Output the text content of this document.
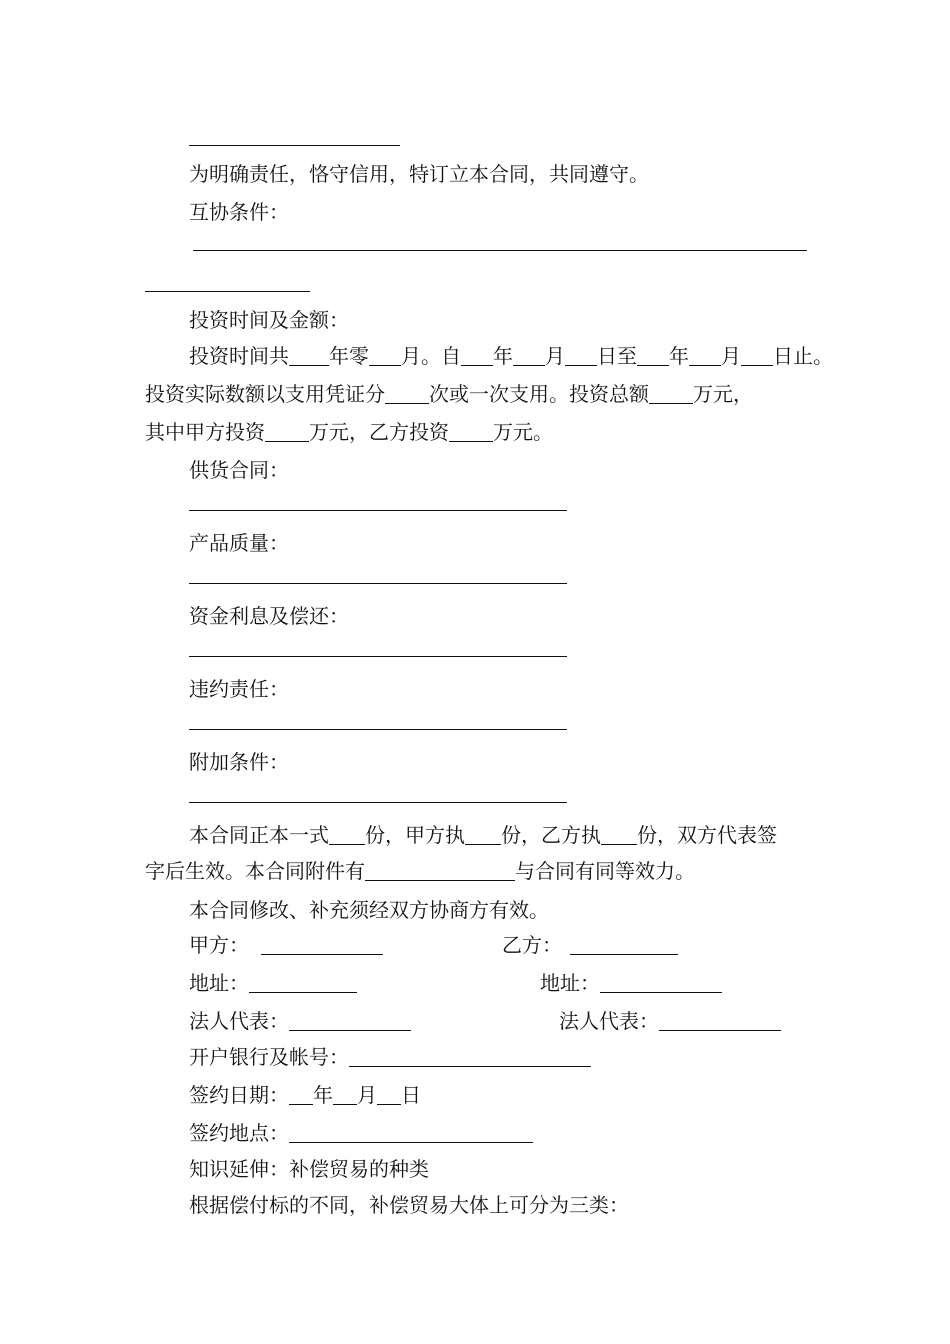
为明确责任，恪守信用，特订立本合同，共同遵守。
互协条件：
投资时间及金额：
投资时间共 年零 月。自 年 月 日至 年 月 日止。
投资实际数额以支用凭证分 次或一次支用。投资总额 万元，
其中甲方投资 万元，乙方投资 万元。
供货合同：
产品质量：
资金利息及偿还：
违约责任：
附加条件：
本合同正本一式 份，甲方执 份，乙方执 份，双方代表签
字后生效。本合同附件有	与合同有同等效力。
本合同修改、补充须经双方协商方有效。
甲方：	乙方：
地址：	地址：
法人代表：	法人代表：
开户银行及帐号：
签约日期： 年 月 日
签约地点：
知识延伸：补偿贸易的种类
根据偿付标的不同，补偿贸易大体上可分为三类：
